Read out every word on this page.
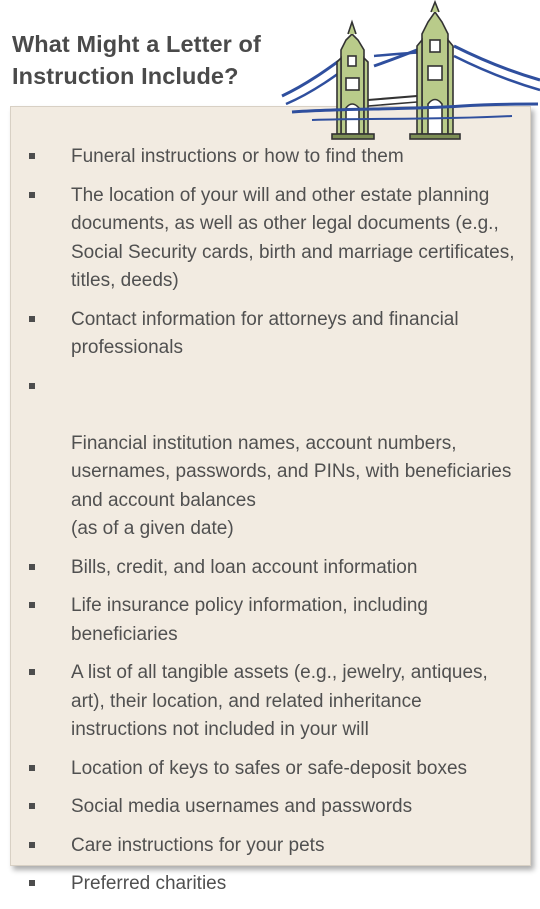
What Might a Letter of Instruction Include?
Funeral instructions or how to find them
The location of your will and other estate planning documents, as well as other legal documents (e.g., Social Security cards, birth and marriage certificates, titles, deeds)
Contact information for attorneys and financial professionals

Financial institution names, account numbers, usernames, passwords, and PINs, with beneficiaries and account balances
(as of a given date)

Bills, credit, and loan account information
Life insurance policy information, including beneficiaries
A list of all tangible assets (e.g., jewelry, antiques, art), their location, and related inheritance instructions not included in your will
Location of keys to safes or safe-deposit boxes
Social media usernames and passwords
Care instructions for your pets
Preferred charities
